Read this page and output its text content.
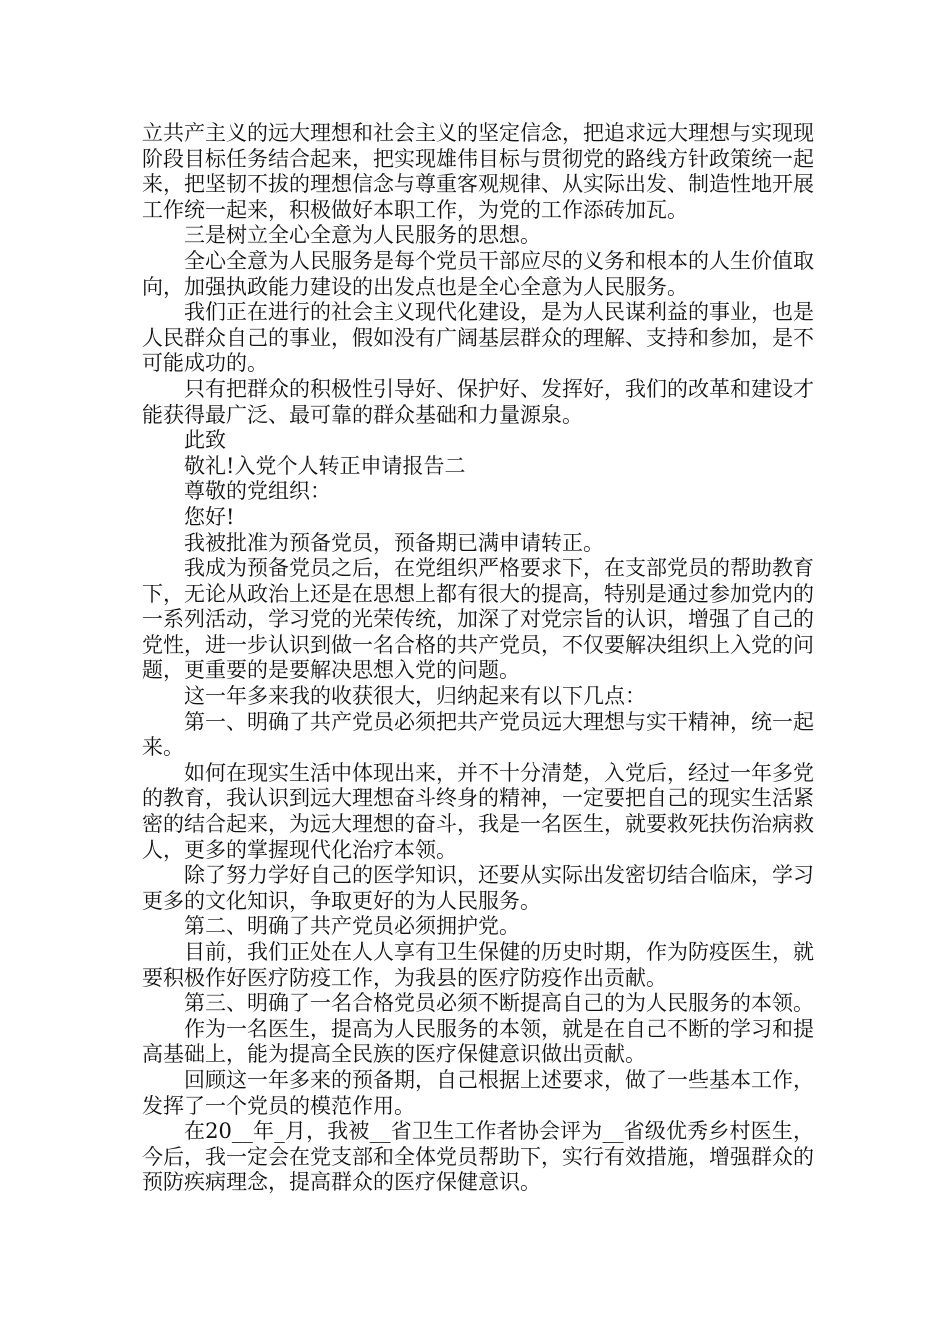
立共产主义的远大理想和社会主义的坚定信念，把追求远大理想与实现现阶段目标任务结合起来，把实现雄伟目标与贯彻党的路线方针政策统一起来，把坚韧不拔的理想信念与尊重客观规律、从实际出发、制造性地开展工作统一起来，积极做好本职工作，为党的工作添砖加瓦。

三是树立全心全意为人民服务的思想。

全心全意为人民服务是每个党员干部应尽的义务和根本的人生价值取向，加强执政能力建设的出发点也是全心全意为人民服务。

我们正在进行的社会主义现代化建设，是为人民谋利益的事业，也是人民群众自己的事业，假如没有广阔基层群众的理解、支持和参加，是不可能成功的。

只有把群众的积极性引导好、保护好、发挥好，我们的改革和建设才能获得最广泛、最可靠的群众基础和力量源泉。

此致

敬礼!入党个人转正申请报告二

尊敬的党组织：

您好!

我被批准为预备党员，预备期已满申请转正。

我成为预备党员之后，在党组织严格要求下，在支部党员的帮助教育下，无论从政治上还是在思想上都有很大的提高，特别是通过参加党内的一系列活动，学习党的光荣传统，加深了对党宗旨的认识，增强了自己的党性，进一步认识到做一名合格的共产党员，不仅要解决组织上入党的问题，更重要的是要解决思想入党的问题。

这一年多来我的收获很大，归纳起来有以下几点：

第一、明确了共产党员必须把共产党员远大理想与实干精神，统一起来。

如何在现实生活中体现出来，并不十分清楚，入党后，经过一年多党的教育，我认识到远大理想奋斗终身的精神，一定要把自己的现实生活紧密的结合起来，为远大理想的奋斗，我是一名医生，就要救死扶伤治病救人，更多的掌握现代化治疗本领。

除了努力学好自己的医学知识，还要从实际出发密切结合临床，学习更多的文化知识，争取更好的为人民服务。

第二、明确了共产党员必须拥护党。

目前，我们正处在人人享有卫生保健的历史时期，作为防疫医生，就要积极作好医疗防疫工作，为我县的医疗防疫作出贡献。

第三、明确了一名合格党员必须不断提高自己的为人民服务的本领。

作为一名医生，提高为人民服务的本领，就是在自己不断的学习和提高基础上，能为提高全民族的医疗保健意识做出贡献。

回顾这一年多来的预备期，自己根据上述要求，做了一些基本工作，发挥了一个党员的模范作用。

在20__年_月，我被__省卫生工作者协会评为__省级优秀乡村医生，今后，我一定会在党支部和全体党员帮助下，实行有效措施，增强群众的预防疾病理念，提高群众的医疗保健意识。
